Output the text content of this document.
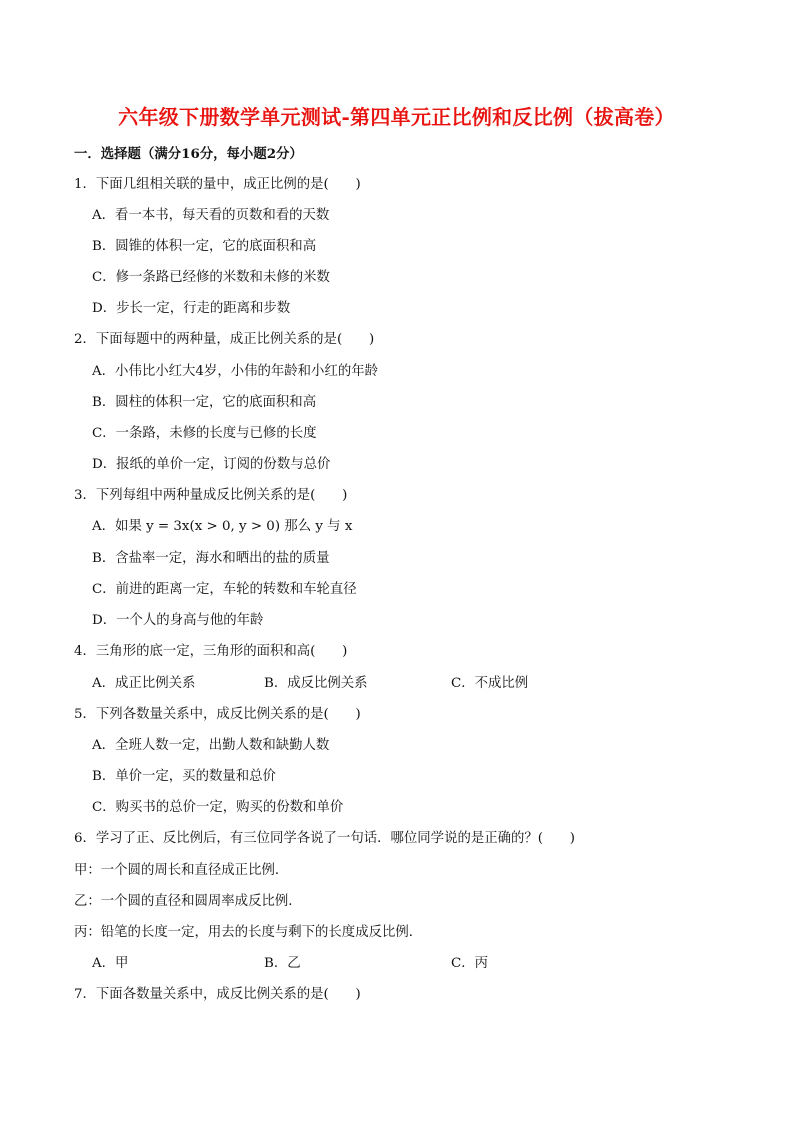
六年级下册数学单元测试-第四单元正比例和反比例（拔高卷）
一．选择题（满分16分，每小题2分）
1．下面几组相关联的量中，成正比例的是(　　)
A．看一本书，每天看的页数和看的天数
B．圆锥的体积一定，它的底面积和高
C．修一条路已经修的米数和未修的米数
D．步长一定，行走的距离和步数
2．下面每题中的两种量，成正比例关系的是(　　)
A．小伟比小红大4岁，小伟的年龄和小红的年龄
B．圆柱的体积一定，它的底面积和高
C．一条路，未修的长度与已修的长度
D．报纸的单价一定，订阅的份数与总价
3．下列每组中两种量成反比例关系的是(　　)
A．如果 y = 3x(x > 0, y > 0) 那么 y 与 x
B．含盐率一定，海水和晒出的盐的质量
C．前进的距离一定，车轮的转数和车轮直径
D．一个人的身高与他的年龄
4．三角形的底一定，三角形的面积和高(　　)
A．成正比例关系	B．成反比例关系	C．不成比例
5．下列各数量关系中，成反比例关系的是(　　)
A．全班人数一定，出勤人数和缺勤人数
B．单价一定，买的数量和总价
C．购买书的总价一定，购买的份数和单价
6．学习了正、反比例后，有三位同学各说了一句话．哪位同学说的是正确的？(　　)
甲：一个圆的周长和直径成正比例．
乙：一个圆的直径和圆周率成反比例．
丙：铅笔的长度一定，用去的长度与剩下的长度成反比例．
A．甲	B．乙	C．丙
7．下面各数量关系中，成反比例关系的是(　　)
